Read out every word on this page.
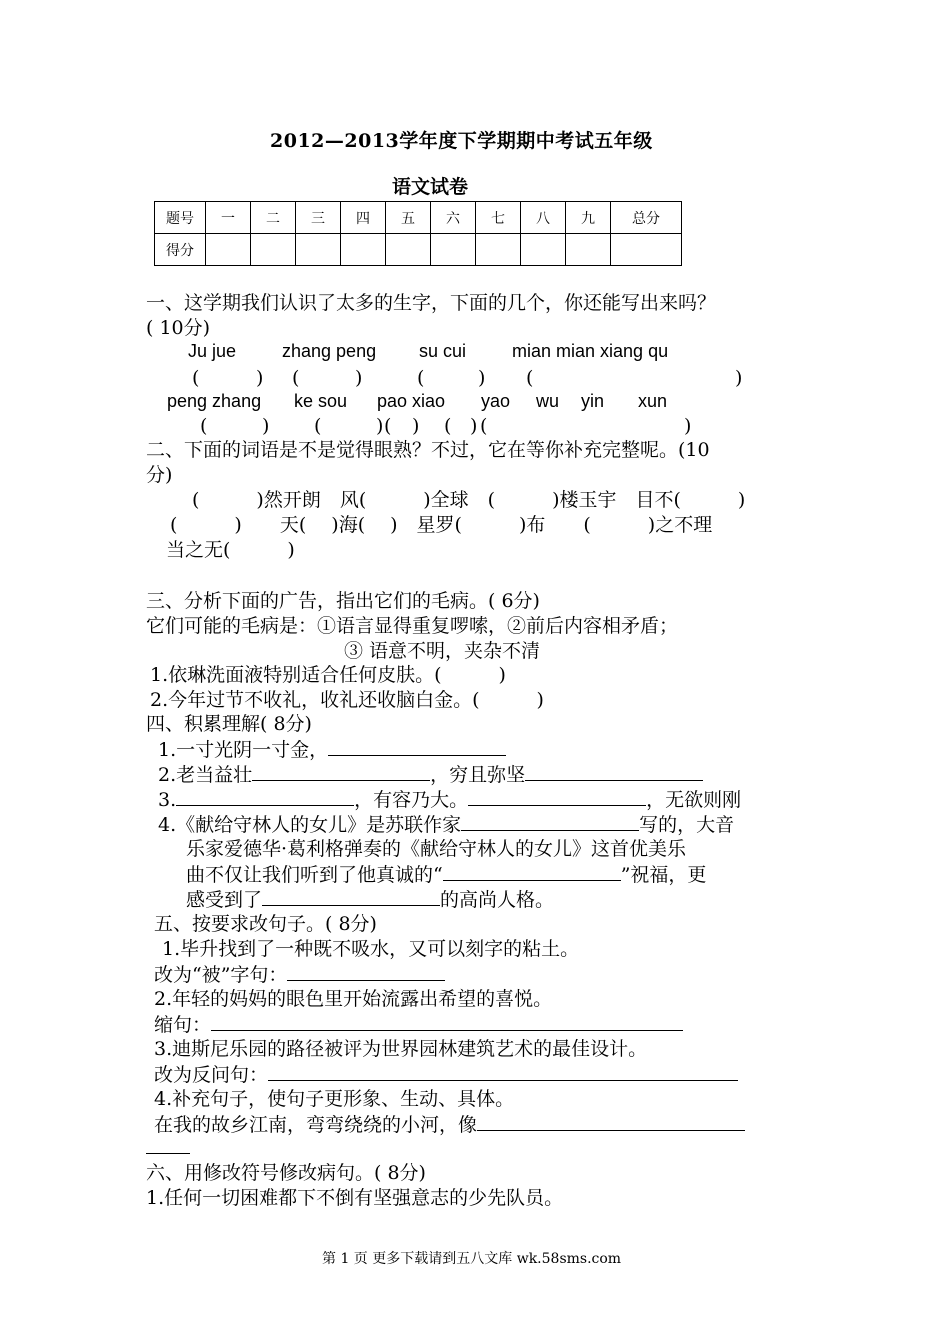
2012—2013学年度下学期期中考试五年级
语文试卷
题号	一	二	三	四	五	六	七	八	九	总分
得分										
一、这学期我们认识了太多的生字，下面的几个，你还能写出来吗？
( 10分)
Ju jue	zhang peng su cui	mian mian xiang qu
(	) (	)	(	) (	)
peng zhang ke sou pao xiao yao wu yin xun
(	) (	) ( ) ( ) (	)
二、下面的词语是不是觉得眼熟？不过，它在等你补充完整呢。(10
分)
(　　　)然开朗　风(　　　)全球　(　　　)楼玉宇　目不(　　　)
(　　　)　　天(　 )海(　 )　星罗(　　　)布　　(　　　)之不理
当之无(　　　)
三、分析下面的广告，指出它们的毛病。( 6分)
它们可能的毛病是：①语言显得重复啰嗦，②前后内容相矛盾；
③ 语意不明，夹杂不清
1.依琳洗面液特别适合任何皮肤。(　　　)
2.今年过节不收礼，收礼还收脑白金。(　　　)
四、积累理解( 8分)
1.一寸光阴一寸金，
2.老当益壮	，穷且弥坚
3.	，有容乃大。	，无欲则刚
4.《献给守林人的女儿》是苏联作家	写的，大音
乐家爱德华·葛利格弹奏的《献给守林人的女儿》这首优美乐
曲不仅让我们听到了他真诚的“	”祝福，更
感受到了	的高尚人格。
五、按要求改句子。( 8分)
1.毕升找到了一种既不吸水，又可以刻字的粘土。
改为“被”字句：
2.年轻的妈妈的眼色里开始流露出希望的喜悦。
缩句：
3.迪斯尼乐园的路径被评为世界园林建筑艺术的最佳设计。
改为反问句：
4.补充句子，使句子更形象、生动、具体。
在我的故乡江南，弯弯绕绕的小河，像
六、用修改符号修改病句。( 8分)
1.任何一切困难都下不倒有坚强意志的少先队员。
第 1 页 更多下载请到五八文库 wk.58sms.com
